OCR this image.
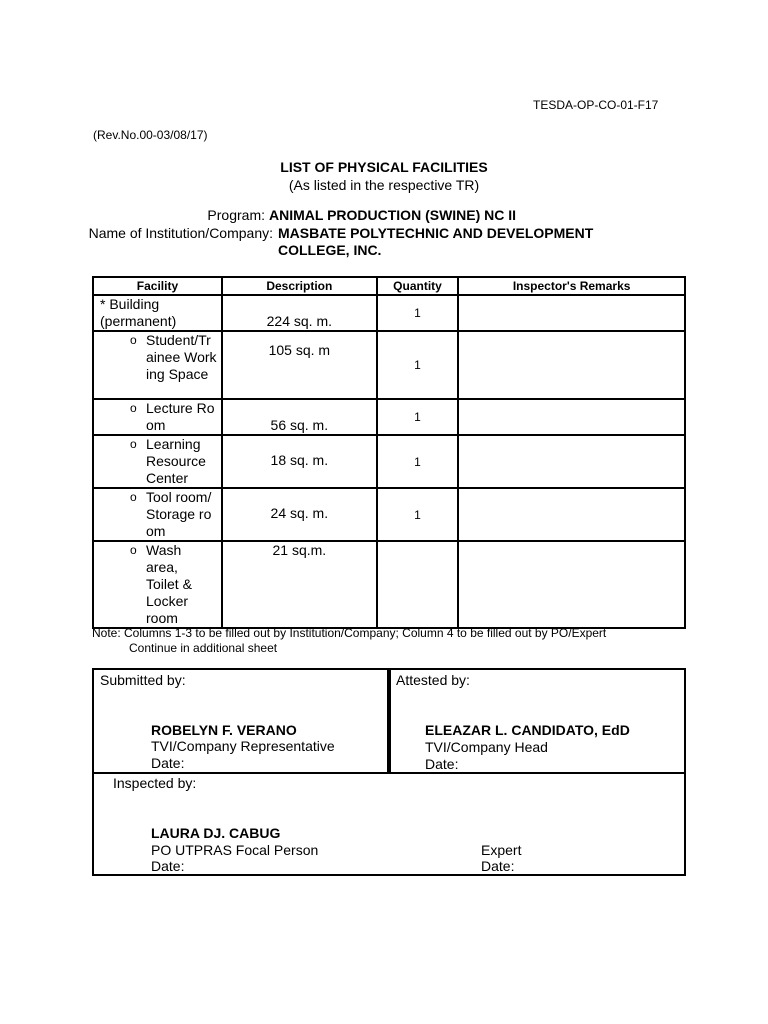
TESDA-OP-CO-01-F17
(Rev.No.00-03/08/17)
LIST OF PHYSICAL FACILITIES
(As listed in the respective TR)
Program: ANIMAL PRODUCTION (SWINE) NC II
Name of Institution/Company: MASBATE POLYTECHNIC AND DEVELOPMENT COLLEGE, INC.
Facility	Description	Quantity	Inspector's Remarks

* Building (permanent)	224 sq. m.	1	

o Student/Trainee Working Space	105 sq. m	1	

o Lecture Room	56 sq. m.	1	

o Learning Resource Center	18 sq. m.	1	

o Tool room/Storage room	24 sq. m.	1	

o Wash area, Toilet & Locker room	21 sq.m.		
Note: Columns 1-3 to be filled out by Institution/Company; Column 4 to be filled out by PO/Expert
Continue in additional sheet
Submitted by:
ROBELYN F. VERANO
TVI/Company Representative
Date:
Attested by:
ELEAZAR L. CANDIDATO, EdD
TVI/Company Head
Date:
Inspected by:
LAURA DJ. CABUG
PO UTPRAS Focal Person
Date:
Expert
Date:
